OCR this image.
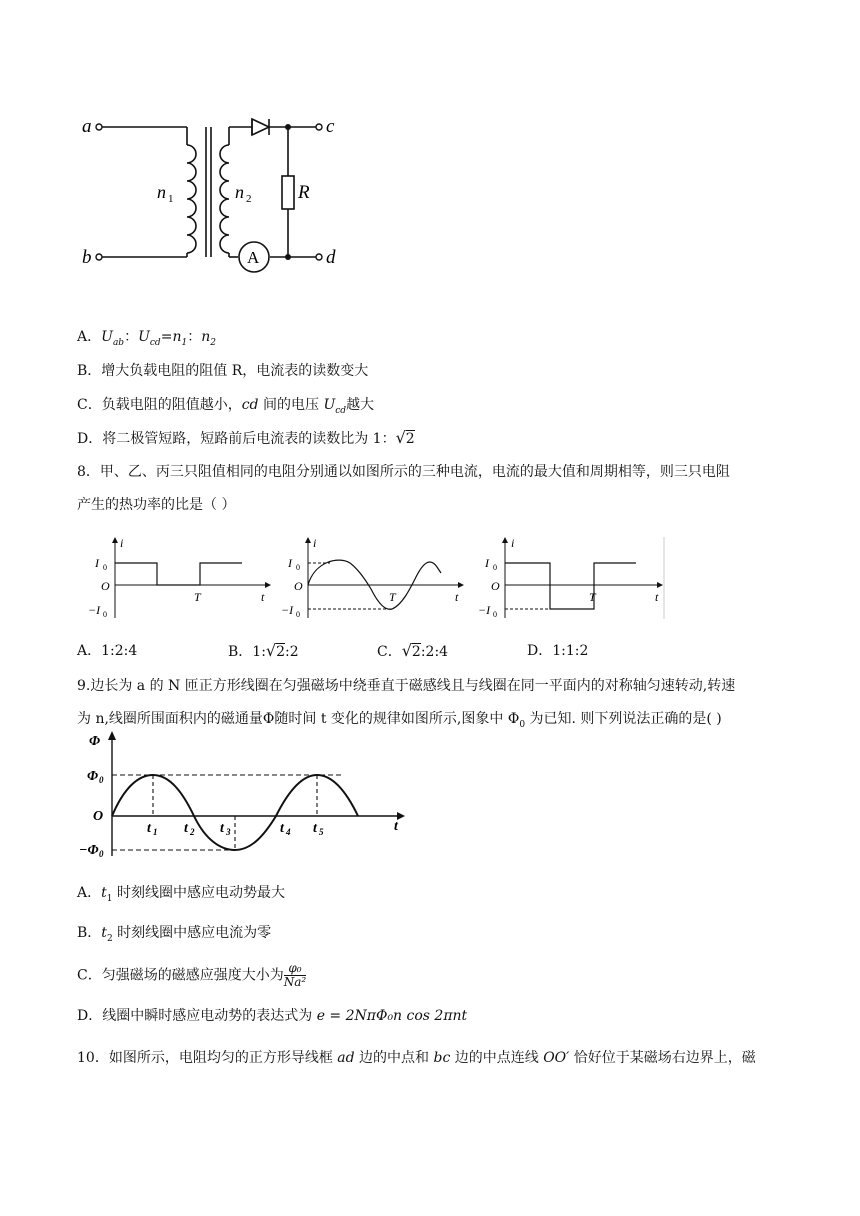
a
b
c
d
n 1	n 2 R
A
A．$U_{ab}$：$U_{cd}=n_1$：$n_2$
B．增大负载电阻的阻值 R，电流表的读数变大
C．负载电阻的阻值越小，cd 间的电压 $U_{cd}$越大
D．将二极管短路，短路前后电流表的读数比为 1：√2
8．甲、乙、丙三只阻值相同的电阻分别通以如图所示的三种电流，电流的最大值和周期相等，则三只电阻
产生的热功率的比是（ ）
i
I 0
O
−I 0
T	t
i
I 0
O
−I 0
T	t
i
I 0
O
−I 0
T	t
A．1:2:4	B．1:√2:2	C．√2:2:4	D．1:1:2
9.边长为 a 的 N 匝正方形线圈在匀强磁场中绕垂直于磁感线且与线圈在同一平面内的对称轴匀速转动,转速
为 n,线圈所围面积内的磁通量Φ随时间 t 变化的规律如图所示,图象中 $\Phi_0$ 为已知. 则下列说法正确的是( )
Φ
Φ 0
O
−Φ 0
t
t 1 t 2 t 3	t 4 t 5
A．$t_1$ 时刻线圈中感应电动势最大
B．$t_2$ 时刻线圈中感应电流为零
C．匀强磁场的磁感应强度大小为 $\frac{\text{φ₀}}{\text{Na²}}$
D．线圈中瞬时感应电动势的表达式为 e = 2NπΦ₀n cos 2πnt
10．如图所示，电阻均匀的正方形导线框 ad 边的中点和 bc 边的中点连线 OO′ 恰好位于某磁场右边界上，磁
